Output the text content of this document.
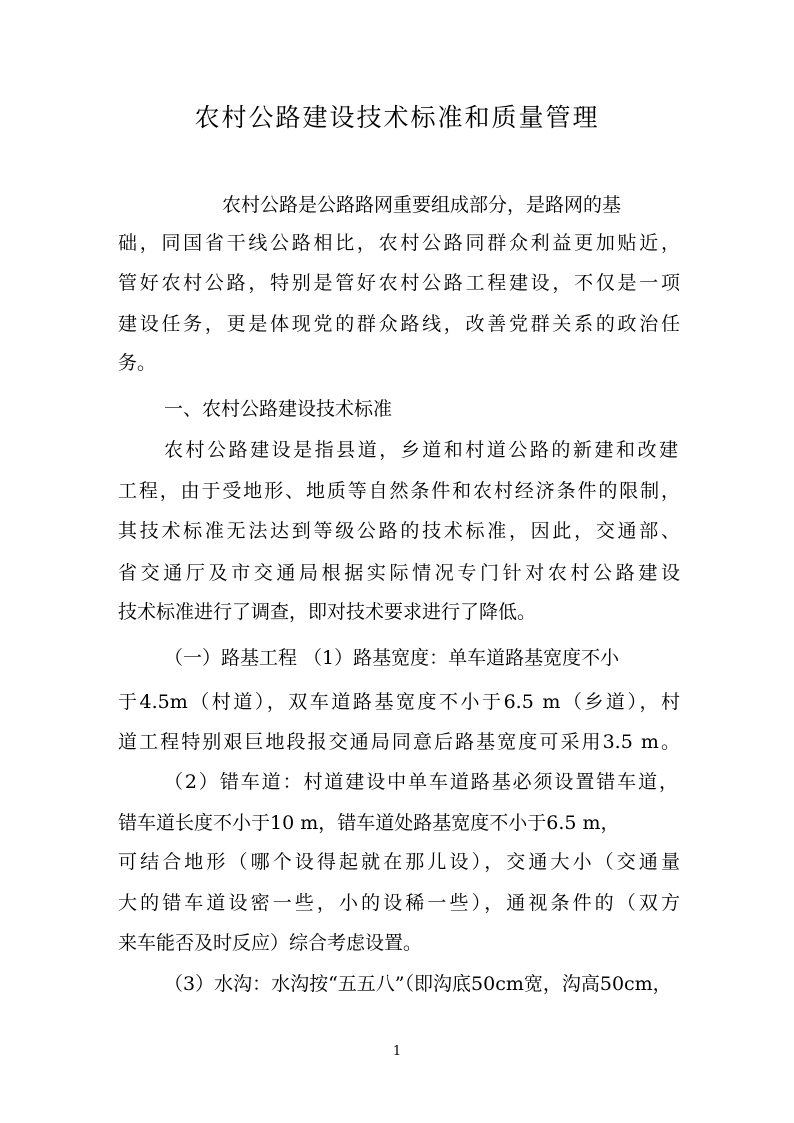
农村公路建设技术标准和质量管理

农村公路是公路路网重要组成部分，是路网的基

础，同国省干线公路相比，农村公路同群众利益更加贴近，

管好农村公路，特别是管好农村公路工程建设，不仅是一项

建设任务，更是体现党的群众路线，改善党群关系的政治任

务。

一、农村公路建设技术标准

农村公路建设是指县道，乡道和村道公路的新建和改建

工程，由于受地形、地质等自然条件和农村经济条件的限制，

其技术标准无法达到等级公路的技术标准，因此，交通部、

省交通厅及市交通局根据实际情况专门针对农村公路建设

技术标准进行了调查，即对技术要求进行了降低。

（一）路基工程 （1）路基宽度：单车道路基宽度不小

于4.5m（村道），双车道路基宽度不小于6.5 m（乡道），村

道工程特别艰巨地段报交通局同意后路基宽度可采用3.5 m。

（2）错车道：村道建设中单车道路基必须设置错车道，

错车道长度不小于10 m，错车道处路基宽度不小于6.5 m，

可结合地形（哪个设得起就在那儿设），交通大小（交通量

大的错车道设密一些，小的设稀一些），通视条件的（双方

来车能否及时反应）综合考虑设置。

（3）水沟：水沟按“五五八”（即沟底50cm宽，沟高50cm，

1
